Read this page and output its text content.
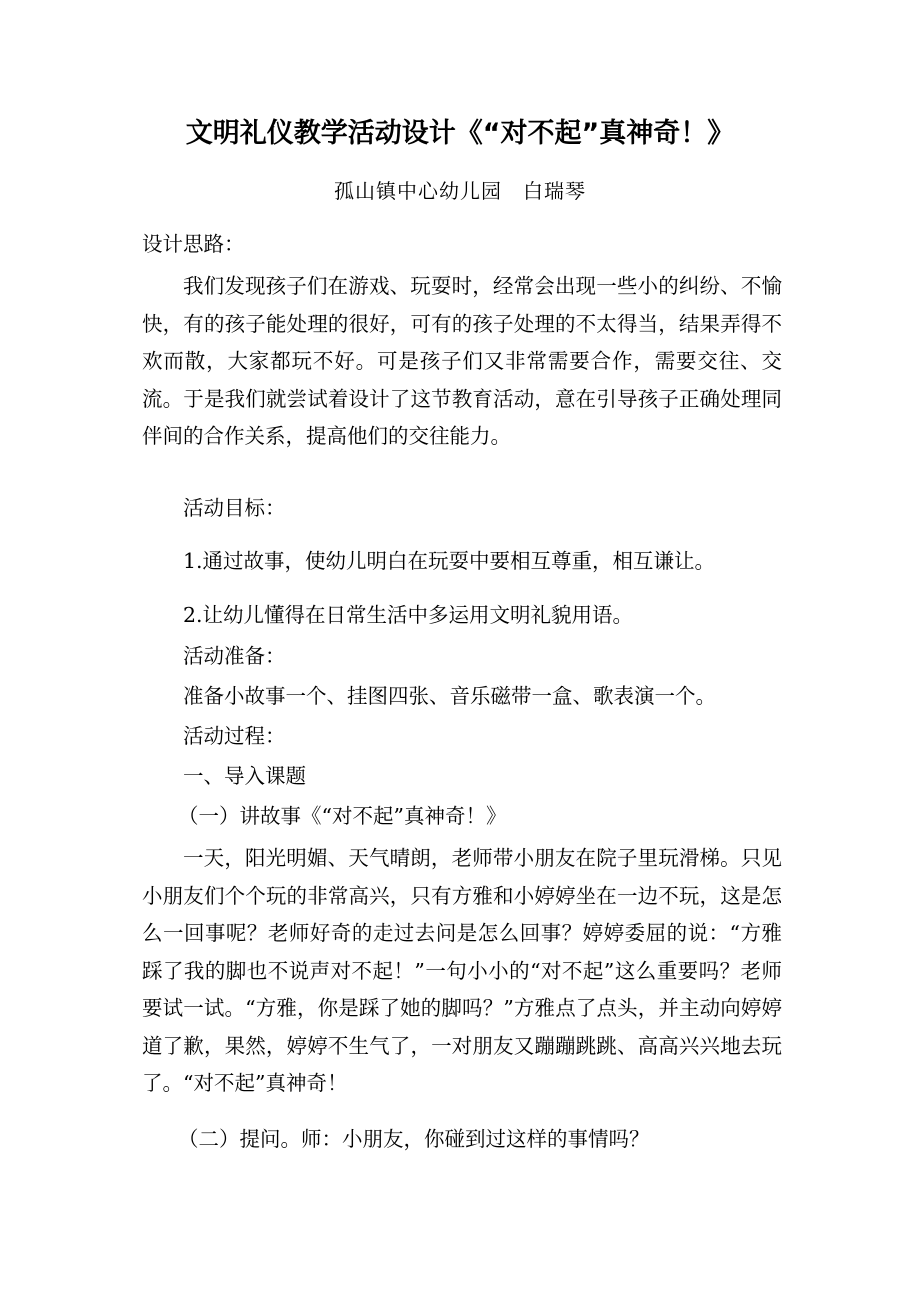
文明礼仪教学活动设计《“对不起”真神奇！》

孤山镇中心幼儿园　白瑞琴

设计思路：

我们发现孩子们在游戏、玩耍时，经常会出现一些小的纠纷、不愉快，有的孩子能处理的很好，可有的孩子处理的不太得当，结果弄得不欢而散，大家都玩不好。可是孩子们又非常需要合作，需要交往、交流。于是我们就尝试着设计了这节教育活动，意在引导孩子正确处理同伴间的合作关系，提高他们的交往能力。

活动目标：

1.通过故事，使幼儿明白在玩耍中要相互尊重，相互谦让。

2.让幼儿懂得在日常生活中多运用文明礼貌用语。

活动准备：

准备小故事一个、挂图四张、音乐磁带一盒、歌表演一个。

活动过程：

一、导入课题

（一）讲故事《“对不起”真神奇！》

一天，阳光明媚、天气晴朗，老师带小朋友在院子里玩滑梯。只见小朋友们个个玩的非常高兴，只有方雅和小婷婷坐在一边不玩，这是怎么一回事呢？老师好奇的走过去问是怎么回事？婷婷委屈的说：“方雅踩了我的脚也不说声对不起！”一句小小的“对不起”这么重要吗？老师要试一试。“方雅，你是踩了她的脚吗？”方雅点了点头，并主动向婷婷道了歉，果然，婷婷不生气了，一对朋友又蹦蹦跳跳、高高兴兴地去玩了。“对不起”真神奇！

（二）提问。师：小朋友，你碰到过这样的事情吗？
